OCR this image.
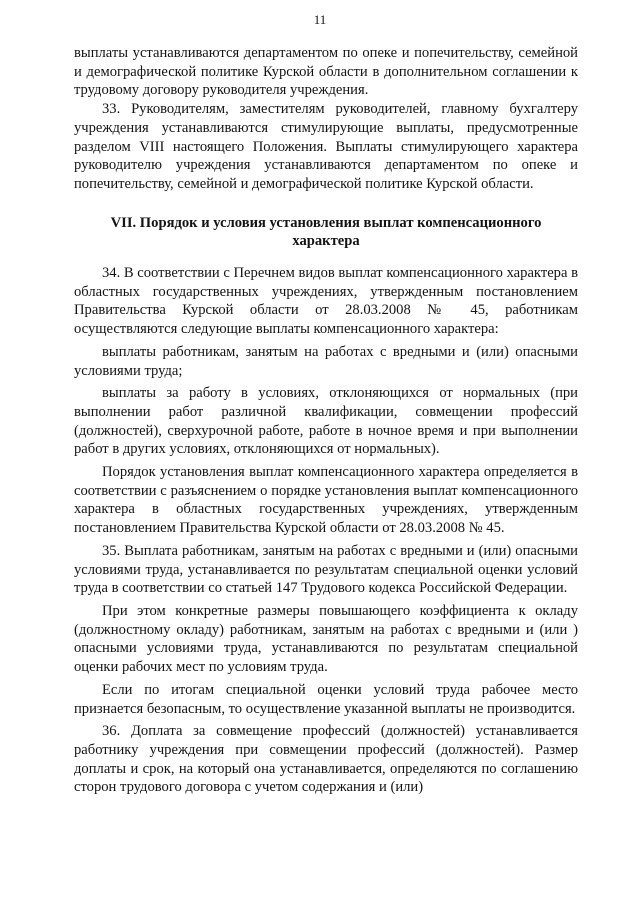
11

выплаты устанавливаются департаментом по опеке и попечительству, семейной и демографической политике Курской области в дополнительном соглашении к трудовому договору руководителя учреждения.

33. Руководителям, заместителям руководителей, главному бухгалтеру учреждения устанавливаются стимулирующие выплаты, предусмотренные разделом VIII настоящего Положения. Выплаты стимулирующего характера руководителю учреждения устанавливаются департаментом по опеке и попечительству, семейной и демографической политике Курской области.

VII. Порядок и условия установления выплат компенсационного
характера

34. В соответствии с Перечнем видов выплат компенсационного характера в областных государственных учреждениях, утвержденным постановлением Правительства Курской области от 28.03.2008 № 45, работникам осуществляются следующие выплаты компенсационного характера:

выплаты работникам, занятым на работах с вредными и (или) опасными условиями труда;

выплаты за работу в условиях, отклоняющихся от нормальных (при выполнении работ различной квалификации, совмещении профессий (должностей), сверхурочной работе, работе в ночное время и при выполнении работ в других условиях, отклоняющихся от нормальных).

Порядок установления выплат компенсационного характера определяется в соответствии с разъяснением о порядке установления выплат компенсационного характера в областных государственных учреждениях, утвержденным постановлением Правительства Курской области от 28.03.2008 № 45.

35. Выплата работникам, занятым на работах с вредными и (или) опасными условиями труда, устанавливается по результатам специальной оценки условий труда в соответствии со статьей 147 Трудового кодекса Российской Федерации.

При этом конкретные размеры повышающего коэффициента к окладу (должностному окладу) работникам, занятым на работах с вредными и (или ) опасными условиями труда, устанавливаются по результатам специальной оценки рабочих мест по условиям труда.

Если по итогам специальной оценки условий труда рабочее место признается безопасным, то осуществление указанной выплаты не производится.

36. Доплата за совмещение профессий (должностей) устанавливается работнику учреждения при совмещении профессий (должностей). Размер доплаты и срок, на который она устанавливается, определяются по соглашению сторон трудового договора с учетом содержания и (или)
